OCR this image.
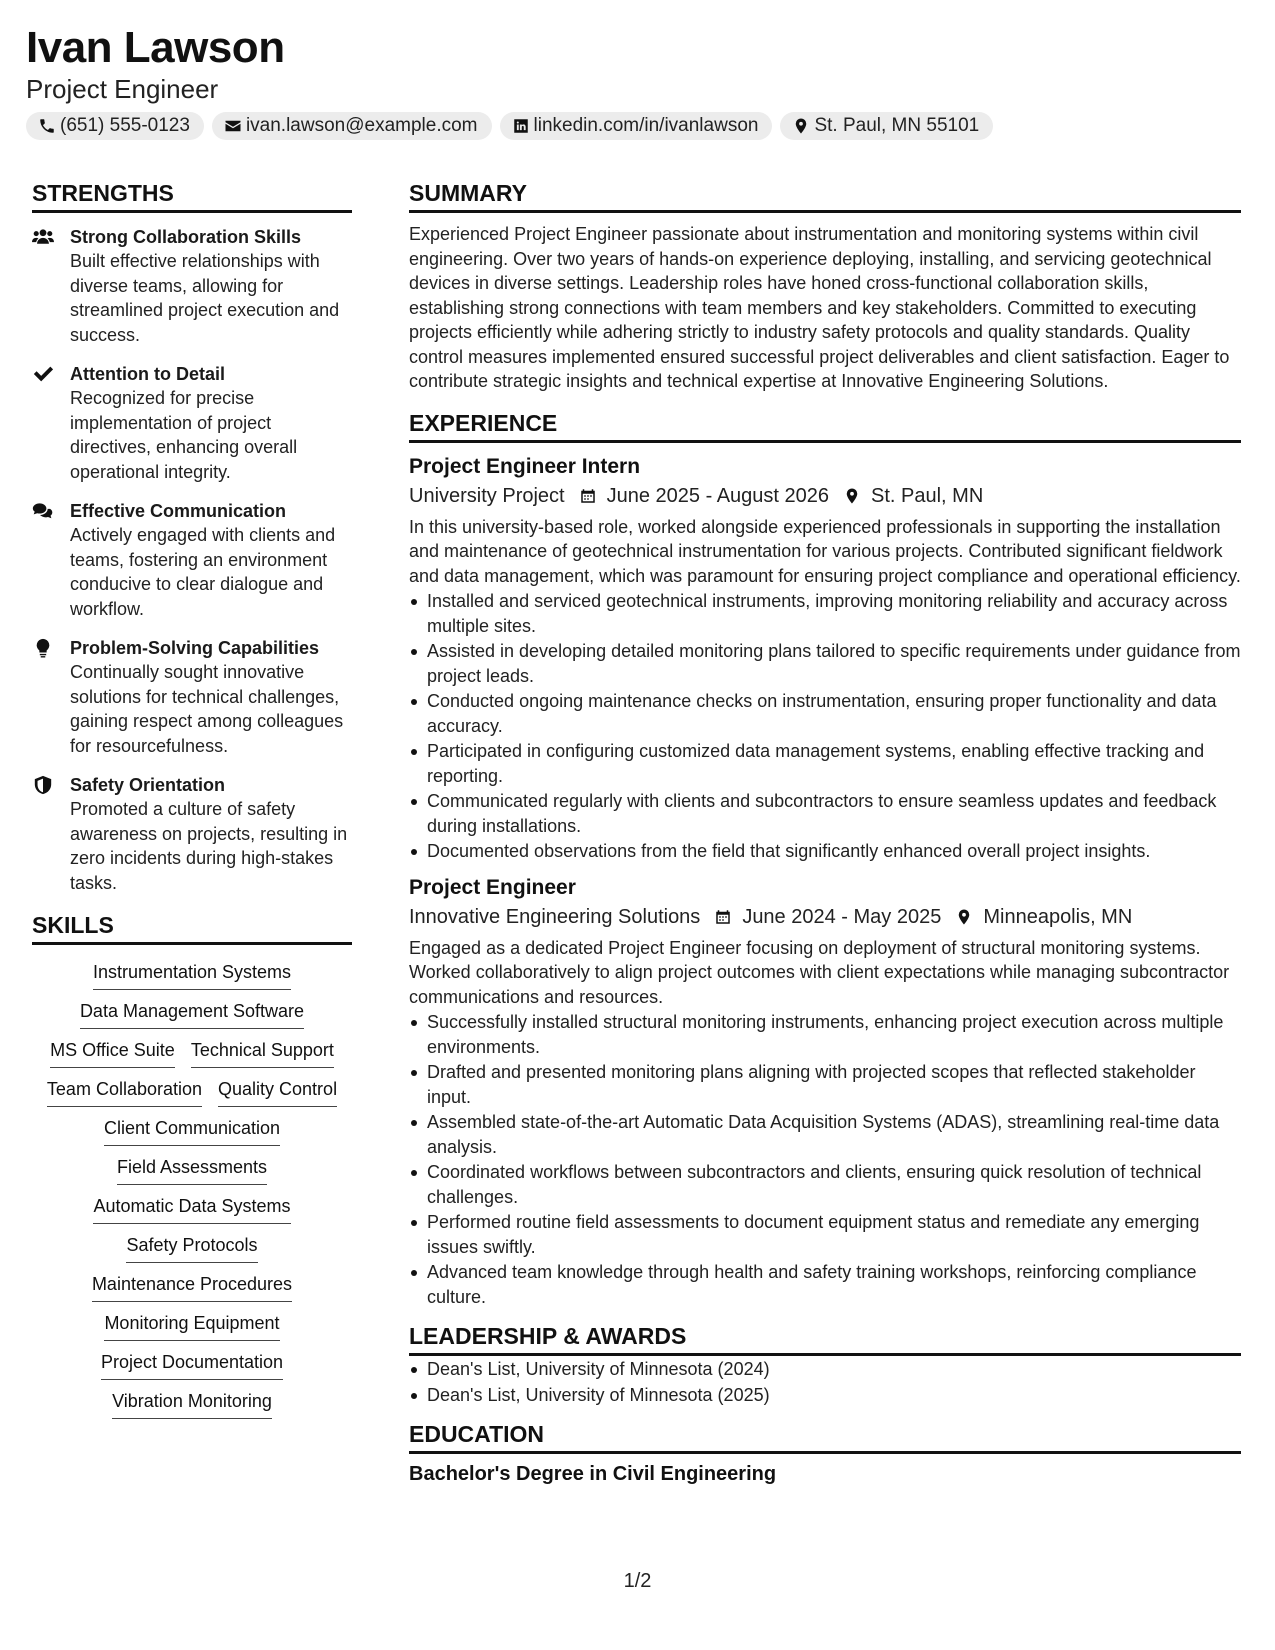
Ivan Lawson
Project Engineer
(651) 555-0123	ivan.lawson@example.com	linkedin.com/in/ivanlawson	St. Paul, MN 55101
STRENGTHS
Strong Collaboration Skills
Built effective relationships with diverse teams, allowing for streamlined project execution and success.
Attention to Detail
Recognized for precise implementation of project directives, enhancing overall operational integrity.
Effective Communication
Actively engaged with clients and teams, fostering an environment conducive to clear dialogue and workflow.
Problem-Solving Capabilities
Continually sought innovative solutions for technical challenges, gaining respect among colleagues for resourcefulness.
Safety Orientation
Promoted a culture of safety awareness on projects, resulting in zero incidents during high-stakes tasks.
SKILLS
Instrumentation Systems
Data Management Software
MS Office Suite Technical Support
Team Collaboration Quality Control
Client Communication
Field Assessments
Automatic Data Systems
Safety Protocols
Maintenance Procedures
Monitoring Equipment
Project Documentation
Vibration Monitoring
SUMMARY
Experienced Project Engineer passionate about instrumentation and monitoring systems within civil engineering. Over two years of hands-on experience deploying, installing, and servicing geotechnical devices in diverse settings. Leadership roles have honed cross-functional collaboration skills, establishing strong connections with team members and key stakeholders. Committed to executing projects efficiently while adhering strictly to industry safety protocols and quality standards. Quality control measures implemented ensured successful project deliverables and client satisfaction. Eager to contribute strategic insights and technical expertise at Innovative Engineering Solutions.
EXPERIENCE
Project Engineer Intern
University Project June 2025 - August 2026 St. Paul, MN
In this university-based role, worked alongside experienced professionals in supporting the installation and maintenance of geotechnical instrumentation for various projects. Contributed significant fieldwork and data management, which was paramount for ensuring project compliance and operational efficiency.
Installed and serviced geotechnical instruments, improving monitoring reliability and accuracy across multiple sites.
Assisted in developing detailed monitoring plans tailored to specific requirements under guidance from project leads.
Conducted ongoing maintenance checks on instrumentation, ensuring proper functionality and data accuracy.
Participated in configuring customized data management systems, enabling effective tracking and reporting.
Communicated regularly with clients and subcontractors to ensure seamless updates and feedback during installations.
Documented observations from the field that significantly enhanced overall project insights.
Project Engineer
Innovative Engineering Solutions June 2024 - May 2025 Minneapolis, MN
Engaged as a dedicated Project Engineer focusing on deployment of structural monitoring systems. Worked collaboratively to align project outcomes with client expectations while managing subcontractor communications and resources.
Successfully installed structural monitoring instruments, enhancing project execution across multiple environments.
Drafted and presented monitoring plans aligning with projected scopes that reflected stakeholder input.
Assembled state-of-the-art Automatic Data Acquisition Systems (ADAS), streamlining real-time data analysis.
Coordinated workflows between subcontractors and clients, ensuring quick resolution of technical challenges.
Performed routine field assessments to document equipment status and remediate any emerging issues swiftly.
Advanced team knowledge through health and safety training workshops, reinforcing compliance culture.
LEADERSHIP & AWARDS
Dean's List, University of Minnesota (2024)
Dean's List, University of Minnesota (2025)
EDUCATION
Bachelor's Degree in Civil Engineering
1/2
